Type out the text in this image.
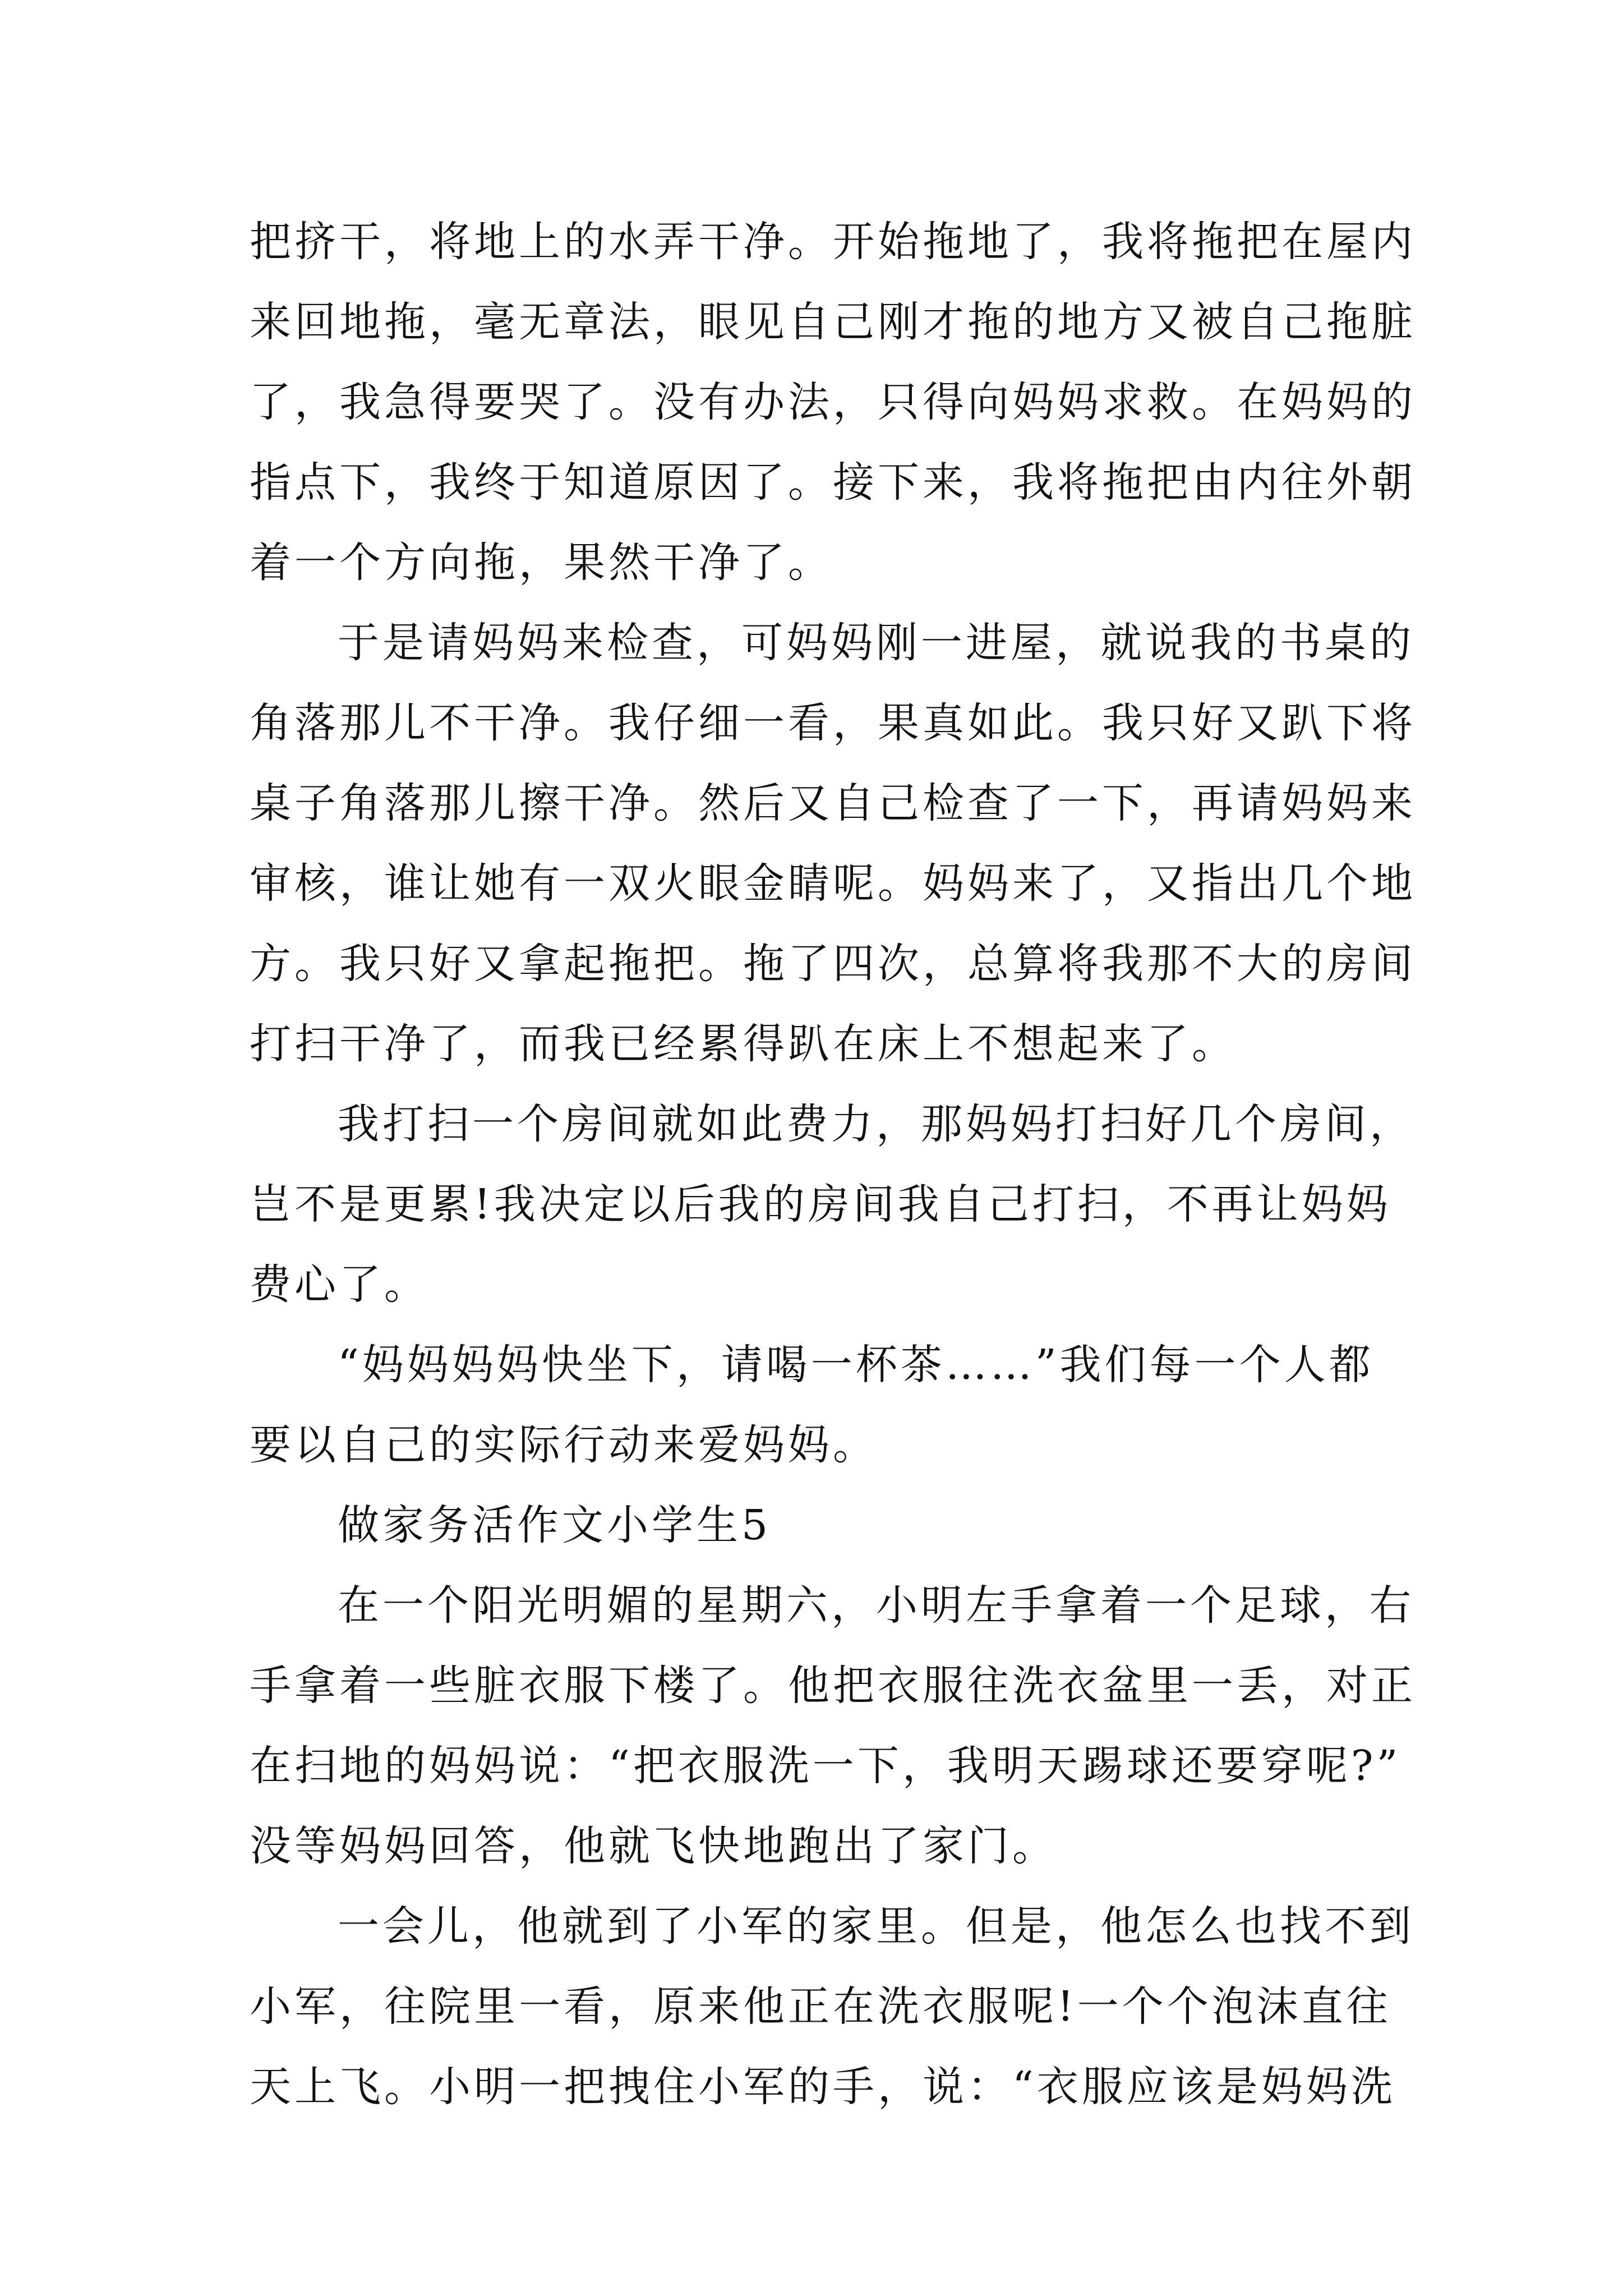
把挤干，将地上的水弄干净。开始拖地了，我将拖把在屋内
来回地拖，毫无章法，眼见自己刚才拖的地方又被自己拖脏
了，我急得要哭了。没有办法，只得向妈妈求救。在妈妈的
指点下，我终于知道原因了。接下来，我将拖把由内往外朝
着一个方向拖，果然干净了。
于是请妈妈来检查，可妈妈刚一进屋，就说我的书桌的
角落那儿不干净。我仔细一看，果真如此。我只好又趴下将
桌子角落那儿擦干净。然后又自己检查了一下，再请妈妈来
审核，谁让她有一双火眼金睛呢。妈妈来了，又指出几个地
方。我只好又拿起拖把。拖了四次，总算将我那不大的房间
打扫干净了，而我已经累得趴在床上不想起来了。
我打扫一个房间就如此费力，那妈妈打扫好几个房间，
岂不是更累!我决定以后我的房间我自己打扫，不再让妈妈
费心了。
“妈妈妈妈快坐下，请喝一杯茶……”我们每一个人都
要以自己的实际行动来爱妈妈。
做家务活作文小学生5
在一个阳光明媚的星期六，小明左手拿着一个足球，右
手拿着一些脏衣服下楼了。他把衣服往洗衣盆里一丢，对正
在扫地的妈妈说：“把衣服洗一下，我明天踢球还要穿呢?”
没等妈妈回答，他就飞快地跑出了家门。
一会儿，他就到了小军的家里。但是，他怎么也找不到
小军，往院里一看，原来他正在洗衣服呢!一个个泡沫直往
天上飞。小明一把拽住小军的手，说：“衣服应该是妈妈洗
